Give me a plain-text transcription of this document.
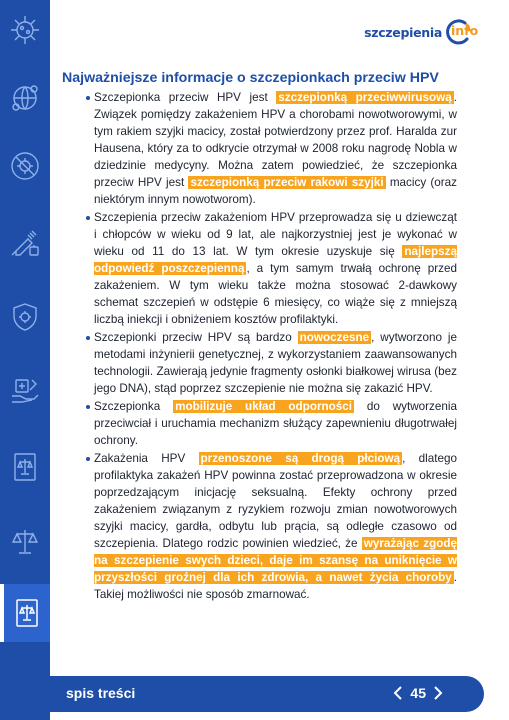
szczepienia info
Najważniejsze informacje o szczepionkach przeciw HPV
Szczepionka przeciw HPV jest szczepionką przeciwwirusową . Związek pomiędzy zakażeniem HPV a chorobami nowotworowymi, w tym rakiem szyjki macicy, został potwierdzony przez prof. Haralda zur Hausena, który za to odkrycie otrzymał w 2008 roku nagrodę Nobla w dziedzinie medycyny. Można zatem powiedzieć, że szczepionka przeciw HPV jest szczepionką przeciw rakowi szyjki macicy (oraz niektórym innym nowotworom).
Szczepienia przeciw zakażeniom HPV przeprowadza się u dziewcząt i chłopców w wieku od 9 lat, ale najkorzystniej jest je wykonać w wieku od 11 do 13 lat. W tym okresie uzyskuje się najlepszą odpowiedź poszczepienną , a tym samym trwałą ochronę przed zakażeniem. W tym wieku także można stosować 2-dawkowy schemat szczepień w odstępie 6 miesięcy, co wiąże się z mniejszą liczbą iniekcji i obniżeniem kosztów profilaktyki.
Szczepionki przeciw HPV są bardzo nowoczesne , wytworzono je metodami inżynierii genetycznej, z wykorzystaniem zaawansowanych technologii. Zawierają jedynie fragmenty osłonki białkowej wirusa (bez jego DNA), stąd poprzez szczepienie nie można się zakazić HPV.
Szczepionka mobilizuje układ odporności do wytworzenia przeciwciał i uruchamia mechanizm służący zapewnieniu długotrwałej ochrony.
Zakażenia HPV przenoszone są drogą płciową , dlatego profilaktyka zakażeń HPV powinna zostać przeprowadzona w okresie poprzedzającym inicjację seksualną. Efekty ochrony przed zakażeniem związanym z ryzykiem rozwoju zmian nowotworowych szyjki macicy, gardła, odbytu lub prącia, są odległe czasowo od szczepienia. Dlatego rodzic powinien wiedzieć, że wyrażając zgodę na szczepienie swych dzieci, daje im szansę na uniknięcie w przyszłości groźnej dla ich zdrowia, a nawet życia choroby . Takiej możliwości nie sposób zmarnować.
spis treści	45
